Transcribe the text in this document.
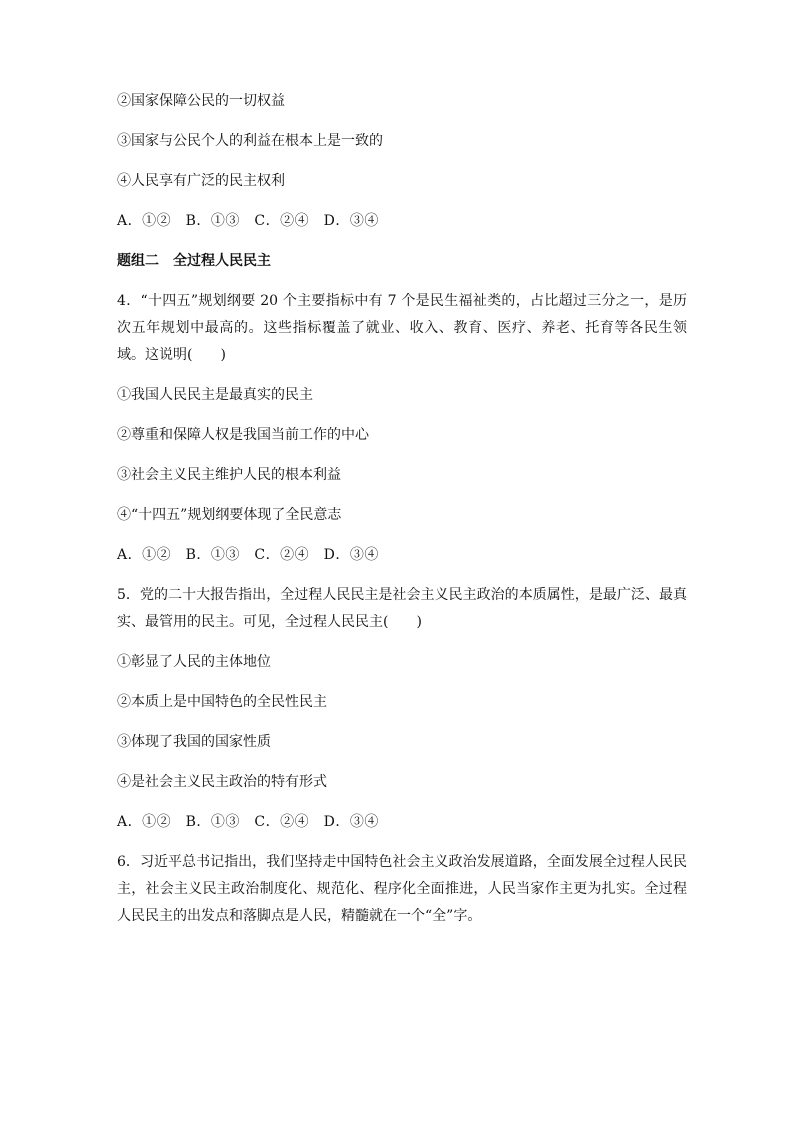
②国家保障公民的一切权益

③国家与公民个人的利益在根本上是一致的

④人民享有广泛的民主权利

A．①②　B．①③　C．②④　D．③④

题组二　全过程人民民主

4．“十四五”规划纲要 20 个主要指标中有 7 个是民生福祉类的，占比超过三分之一，是历次五年规划中最高的。这些指标覆盖了就业、收入、教育、医疗、养老、托育等各民生领域。这说明(　　)

①我国人民民主是最真实的民主

②尊重和保障人权是我国当前工作的中心

③社会主义民主维护人民的根本利益

④“十四五”规划纲要体现了全民意志

A．①②　B．①③　C．②④　D．③④

5．党的二十大报告指出，全过程人民民主是社会主义民主政治的本质属性，是最广泛、最真实、最管用的民主。可见，全过程人民民主(　　)

①彰显了人民的主体地位

②本质上是中国特色的全民性民主

③体现了我国的国家性质

④是社会主义民主政治的特有形式

A．①②　B．①③　C．②④　D．③④

6．习近平总书记指出，我们坚持走中国特色社会主义政治发展道路，全面发展全过程人民民主，社会主义民主政治制度化、规范化、程序化全面推进，人民当家作主更为扎实。全过程人民民主的出发点和落脚点是人民，精髓就在一个“全”字。
